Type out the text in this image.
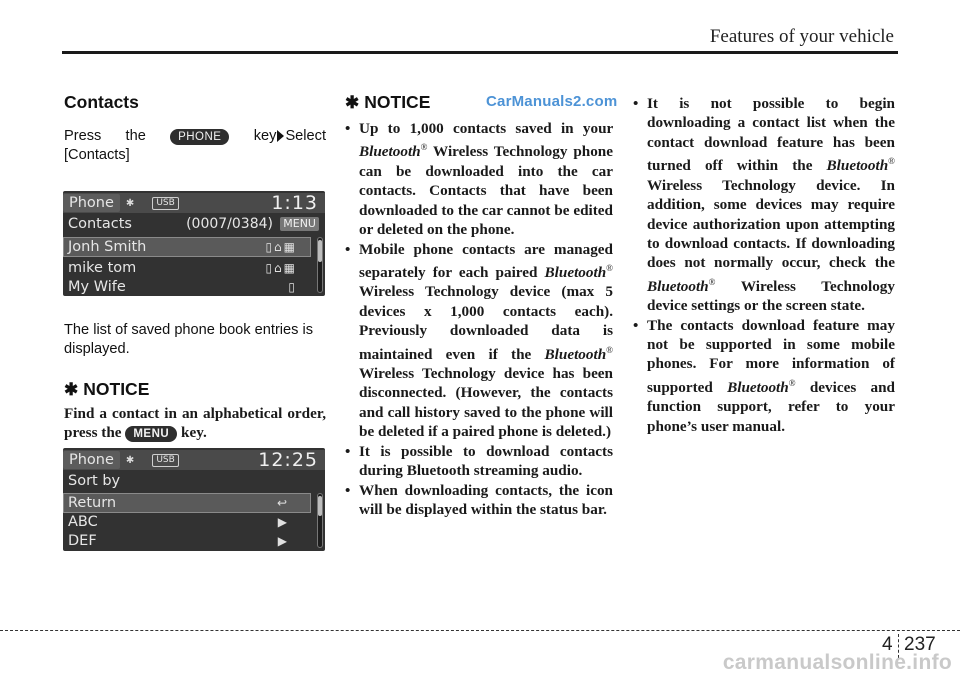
Features of your vehicle
CarManuals2.com
Contacts
Press the	PHONE	key Select
[Contacts]
Phone	✱	USB	1:13
Contacts	(0007/0384) MENU
Jonh Smith	▯⌂▦
mike tom	▯⌂▦
My Wife	▯
The list of saved phone book entries is displayed.
✱ NOTICE

Find a contact in an alphabetical order, press the MENU key.

Phone	✱	USB	12:25
Sort by
Return	↩
ABC	▶
DEF	▶
✱ NOTICE
• Up to 1,000 contacts saved in your Bluetooth® Wireless Technology phone can be downloaded into the car contacts. Contacts that have been downloaded to the car cannot be edited or deleted on the phone.
• Mobile phone contacts are managed separately for each paired Bluetooth® Wireless Technology device (max 5 devices x 1,000 contacts each). Previously downloaded data is maintained even if the Bluetooth® Wireless Technology device has been disconnected. (However, the contacts and call history saved to the phone will be deleted if a paired phone is deleted.)
• It is possible to download contacts during Bluetooth streaming audio.
• When downloading contacts, the icon will be displayed within the status bar.
• It is not possible to begin downloading a contact list when the contact download feature has been turned off within the Bluetooth® Wireless Technology device. In addition, some devices may require device authorization upon attempting to download contacts. If downloading does not normally occur, check the Bluetooth® Wireless Technology device settings or the screen state.
• The contacts download feature may not be supported in some mobile phones. For more information of supported Bluetooth® devices and function support, refer to your phone’s user manual.
4 237
carmanualsonline.info
